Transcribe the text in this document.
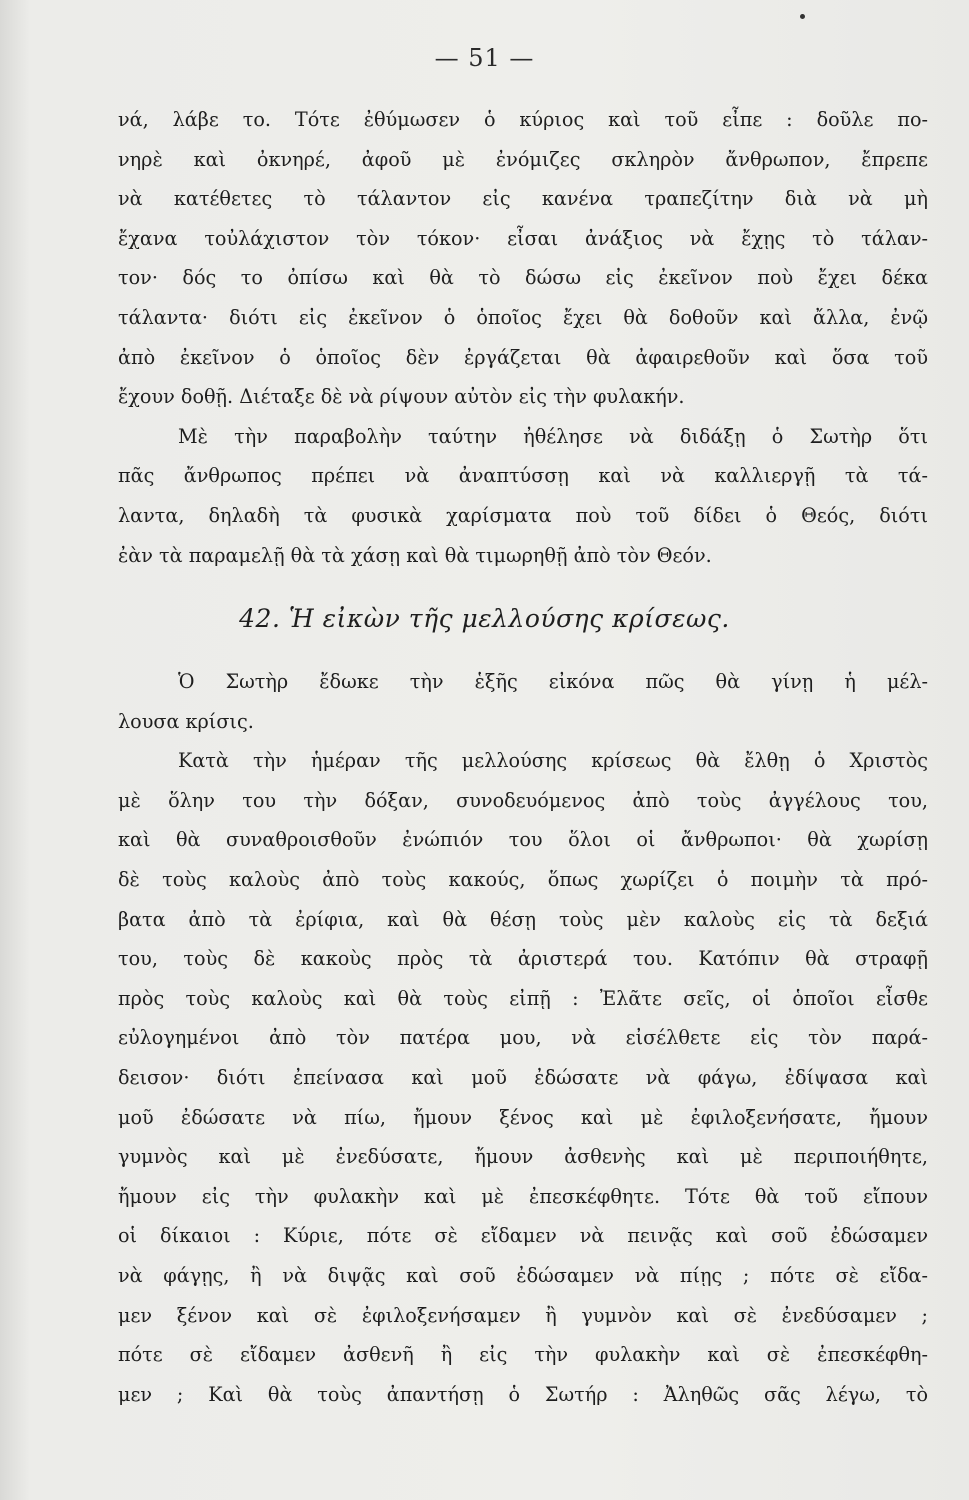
— 51 —
νά, λάβε το. Τότε ἐθύμωσεν ὁ κύριος καὶ τοῦ εἶπε : δοῦλε πο-
νηρὲ καὶ ὀκνηρέ, ἀφοῦ μὲ ἐνόμιζες σκληρὸν ἄνθρωπον, ἔπρεπε
νὰ κατέθετες τὸ τάλαντον εἰς κανένα τραπεζίτην διὰ νὰ μὴ
ἔχανα τοὐλάχιστον τὸν τόκον· εἶσαι ἀνάξιος νὰ ἔχῃς τὸ τάλαν-
τον· δός το ὀπίσω καὶ θὰ τὸ δώσω εἰς ἐκεῖνον ποὺ ἔχει δέκα
τάλαντα· διότι εἰς ἐκεῖνον ὁ ὁποῖος ἔχει θὰ δοθοῦν καὶ ἄλλα, ἐνῷ
ἀπὸ ἐκεῖνον ὁ ὁποῖος δὲν ἐργάζεται θὰ ἀφαιρεθοῦν καὶ ὅσα τοῦ
ἔχουν δοθῇ. Διέταξε δὲ νὰ ρίψουν αὐτὸν εἰς τὴν φυλακήν.
Μὲ τὴν παραβολὴν ταύτην ἠθέλησε νὰ διδάξῃ ὁ Σωτὴρ ὅτι
πᾶς ἄνθρωπος πρέπει νὰ ἀναπτύσσῃ καὶ νὰ καλλιεργῇ τὰ τά-
λαντα, δηλαδὴ τὰ φυσικὰ χαρίσματα ποὺ τοῦ δίδει ὁ Θεός, διότι
ἐὰν τὰ παραμελῇ θὰ τὰ χάσῃ καὶ θὰ τιμωρηθῇ ἀπὸ τὸν Θεόν.
42. Ἡ εἰκὼν τῆς μελλούσης κρίσεως.
Ὁ Σωτὴρ ἔδωκε τὴν ἑξῆς εἰκόνα πῶς θὰ γίνῃ ἡ μέλ-
λουσα κρίσις.
Κατὰ τὴν ἡμέραν τῆς μελλούσης κρίσεως θὰ ἔλθῃ ὁ Χριστὸς
μὲ ὅλην του τὴν δόξαν, συνοδευόμενος ἀπὸ τοὺς ἀγγέλους του,
καὶ θὰ συναθροισθοῦν ἐνώπιόν του ὅλοι οἱ ἄνθρωποι· θὰ χωρίσῃ
δὲ τοὺς καλοὺς ἀπὸ τοὺς κακούς, ὅπως χωρίζει ὁ ποιμὴν τὰ πρό-
βατα ἀπὸ τὰ ἐρίφια, καὶ θὰ θέσῃ τοὺς μὲν καλοὺς εἰς τὰ δεξιά
του, τοὺς δὲ κακοὺς πρὸς τὰ ἀριστερά του. Κατόπιν θὰ στραφῇ
πρὸς τοὺς καλοὺς καὶ θὰ τοὺς εἰπῇ : Ἐλᾶτε σεῖς, οἱ ὁποῖοι εἶσθε
εὐλογημένοι ἀπὸ τὸν πατέρα μου, νὰ εἰσέλθετε εἰς τὸν παρά-
δεισον· διότι ἐπείνασα καὶ μοῦ ἐδώσατε νὰ φάγω, ἐδίψασα καὶ
μοῦ ἐδώσατε νὰ πίω, ἤμουν ξένος καὶ μὲ ἐφιλοξενήσατε, ἤμουν
γυμνὸς καὶ μὲ ἐνεδύσατε, ἤμουν ἀσθενὴς καὶ μὲ περιποιήθητε,
ἤμουν εἰς τὴν φυλακὴν καὶ μὲ ἐπεσκέφθητε. Τότε θὰ τοῦ εἴπουν
οἱ δίκαιοι : Κύριε, πότε σὲ εἴδαμεν νὰ πεινᾷς καὶ σοῦ ἐδώσαμεν
νὰ φάγῃς, ἢ νὰ διψᾷς καὶ σοῦ ἐδώσαμεν νὰ πίῃς ; πότε σὲ εἴδα-
μεν ξένον καὶ σὲ ἐφιλοξενήσαμεν ἢ γυμνὸν καὶ σὲ ἐνεδύσαμεν ;
πότε σὲ εἴδαμεν ἀσθενῆ ἢ εἰς τὴν φυλακὴν καὶ σὲ ἐπεσκέφθη-
μεν ; Καὶ θὰ τοὺς ἀπαντήσῃ ὁ Σωτήρ : Ἀληθῶς σᾶς λέγω, τὸ
